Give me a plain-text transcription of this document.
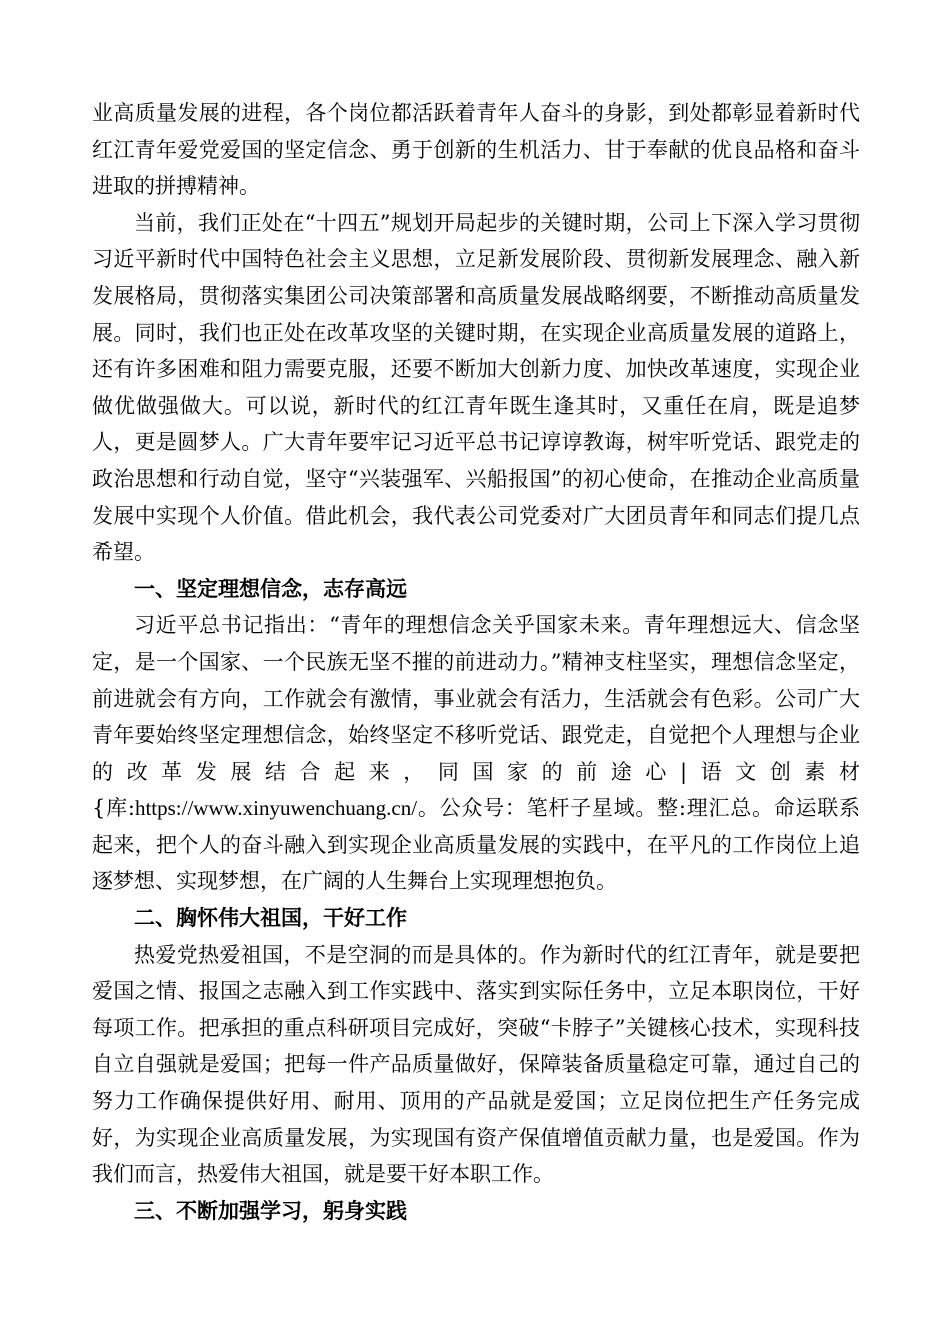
业高质量发展的进程，各个岗位都活跃着青年人奋斗的身影，到处都彰显着新时代红江青年爱党爱国的坚定信念、勇于创新的生机活力、甘于奉献的优良品格和奋斗进取的拼搏精神。

当前，我们正处在“十四五”规划开局起步的关键时期，公司上下深入学习贯彻习近平新时代中国特色社会主义思想，立足新发展阶段、贯彻新发展理念、融入新发展格局，贯彻落实集团公司决策部署和高质量发展战略纲要，不断推动高质量发展。同时，我们也正处在改革攻坚的关键时期，在实现企业高质量发展的道路上，还有许多困难和阻力需要克服，还要不断加大创新力度、加快改革速度，实现企业做优做强做大。可以说，新时代的红江青年既生逢其时，又重任在肩，既是追梦人，更是圆梦人。广大青年要牢记习近平总书记谆谆教诲，树牢听党话、跟党走的政治思想和行动自觉，坚守“兴装强军、兴船报国”的初心使命，在推动企业高质量发展中实现个人价值。借此机会，我代表公司党委对广大团员青年和同志们提几点希望。

一、坚定理想信念，志存高远

习近平总书记指出：“青年的理想信念关乎国家未来。青年理想远大、信念坚定，是一个国家、一个民族无坚不摧的前进动力。”精神支柱坚实，理想信念坚定，前进就会有方向，工作就会有激情，事业就会有活力，生活就会有色彩。公司广大青年要始终坚定理想信念，始终坚定不移听党话、跟党走，自觉把个人理想与企业的改革发展结合起来，同国家的前途心|语文创素材{库:https://www.xinyuwenchuang.cn/。公众号：笔杆子星域。整:理汇总。命运联系起来，把个人的奋斗融入到实现企业高质量发展的实践中，在平凡的工作岗位上追逐梦想、实现梦想，在广阔的人生舞台上实现理想抱负。

二、胸怀伟大祖国，干好工作

热爱党热爱祖国，不是空洞的而是具体的。作为新时代的红江青年，就是要把爱国之情、报国之志融入到工作实践中、落实到实际任务中，立足本职岗位，干好每项工作。把承担的重点科研项目完成好，突破“卡脖子”关键核心技术，实现科技自立自强就是爱国；把每一件产品质量做好，保障装备质量稳定可靠，通过自己的努力工作确保提供好用、耐用、顶用的产品就是爱国；立足岗位把生产任务完成好，为实现企业高质量发展，为实现国有资产保值增值贡献力量，也是爱国。作为我们而言，热爱伟大祖国，就是要干好本职工作。

三、不断加强学习，躬身实践
